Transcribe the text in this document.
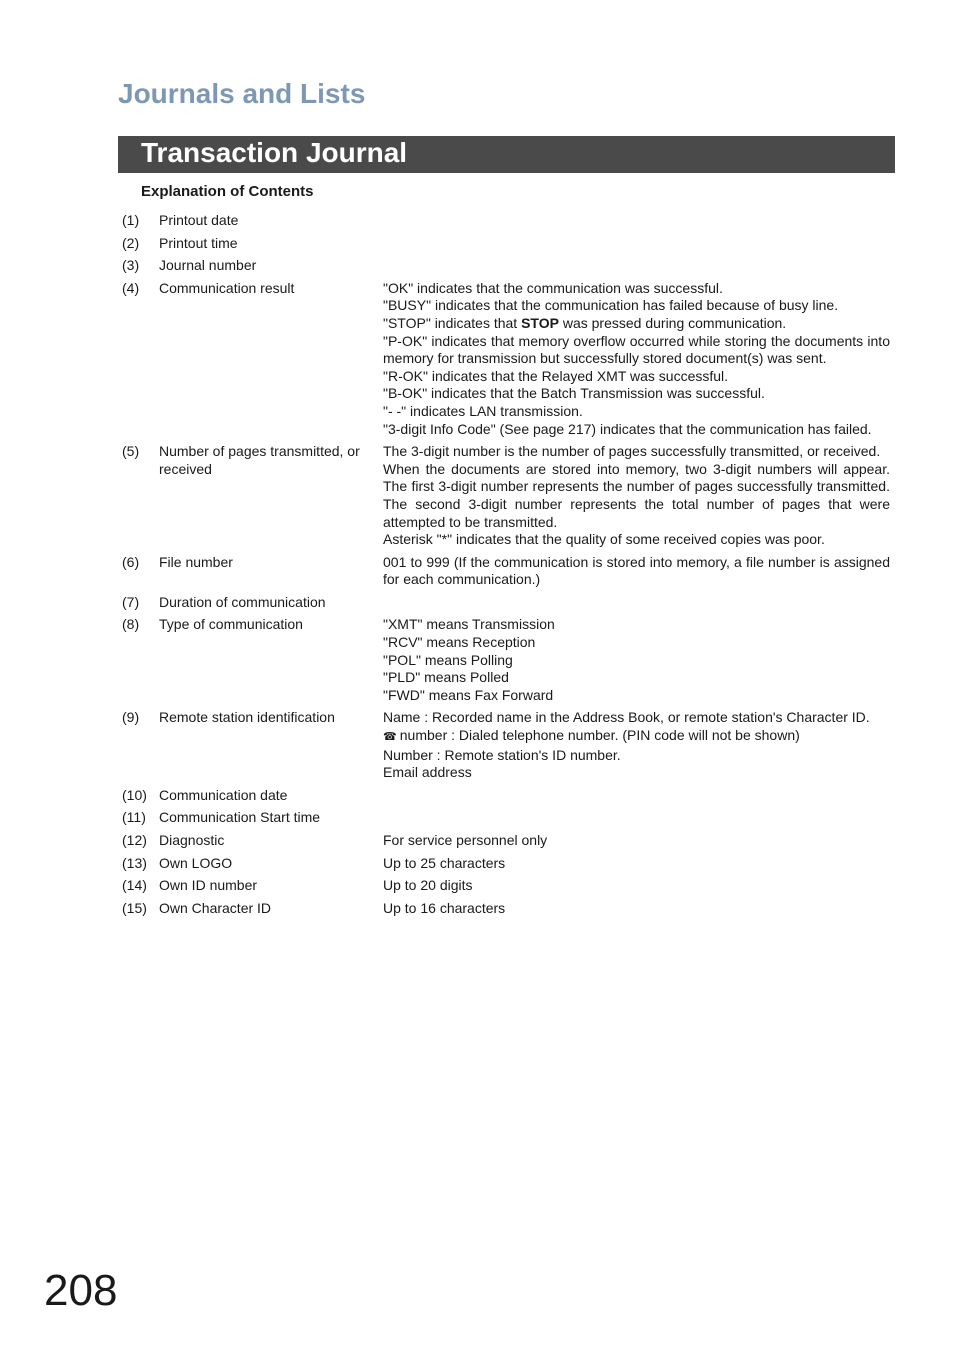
Journals and Lists
Transaction Journal
Explanation of Contents
(1)	Printout date
(2)	Printout time
(3)	Journal number
(4)	Communication result	"OK" indicates that the communication was successful.
"BUSY" indicates that the communication has failed because of busy line.
"STOP" indicates that STOP was pressed during communication.
"P-OK" indicates that memory overflow occurred while storing the documents into memory for transmission but successfully stored document(s) was sent.
"R-OK" indicates that the Relayed XMT was successful.
"B-OK" indicates that the Batch Transmission was successful.
"- -" indicates LAN transmission.
"3-digit Info Code" (See page 217) indicates that the communication has failed.
(5)	Number of pages transmitted, or received
The 3-digit number is the number of pages successfully transmitted, or received.
When the documents are stored into memory, two 3-digit numbers will appear. The first 3-digit number represents the number of pages successfully transmitted. The second 3-digit number represents the total number of pages that were attempted to be transmitted.
Asterisk "*" indicates that the quality of some received copies was poor.
(6)	File number	001 to 999 (If the communication is stored into memory, a file number is assigned for each communication.)
(7)	Duration of communication
(8)	Type of communication	"XMT" means Transmission
"RCV" means Reception
"POL" means Polling
"PLD" means Polled
"FWD" means Fax Forward
(9)	Remote station identification	Name : Recorded name in the Address Book, or remote station's Character ID.
☎ number : Dialed telephone number. (PIN code will not be shown)
Number : Remote station's ID number.
Email address
(10) Communication date
(11) Communication Start time
(12) Diagnostic	For service personnel only
(13) Own LOGO	Up to 25 characters
(14) Own ID number	Up to 20 digits
(15) Own Character ID	Up to 16 characters
208
